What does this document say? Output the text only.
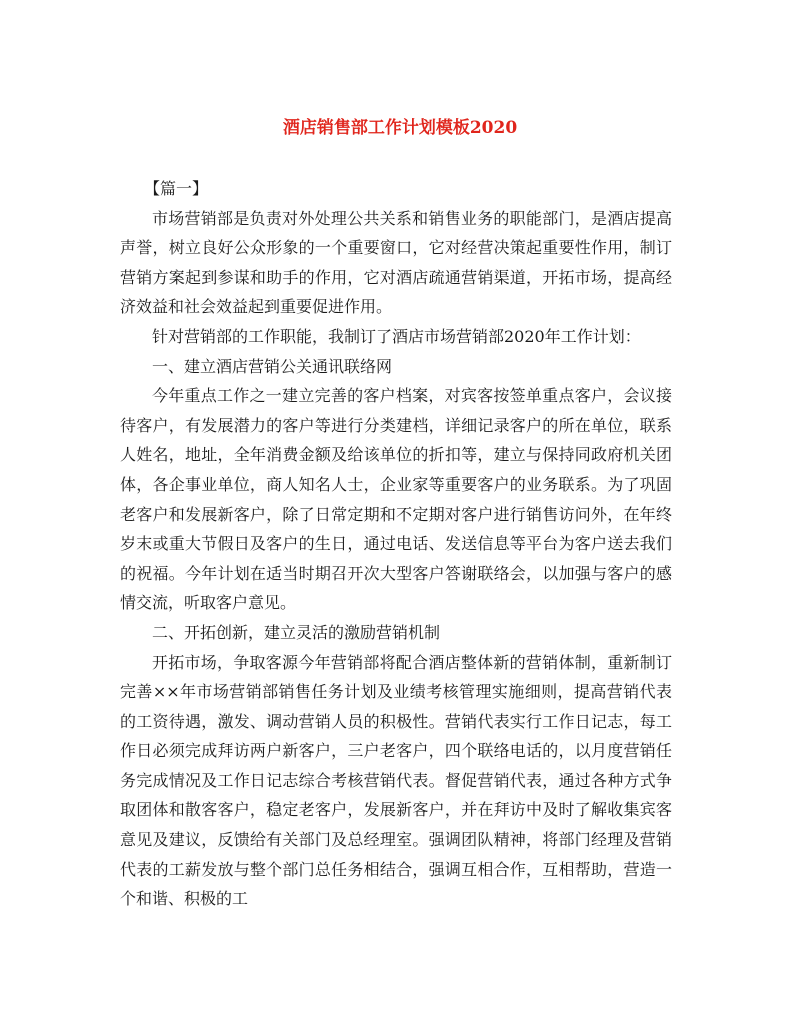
酒店销售部工作计划模板2020

【篇一】

市场营销部是负责对外处理公共关系和销售业务的职能部门，是酒店提高声誉，树立良好公众形象的一个重要窗口，它对经营决策起重要性作用，制订营销方案起到参谋和助手的作用，它对酒店疏通营销渠道，开拓市场，提高经济效益和社会效益起到重要促进作用。

针对营销部的工作职能，我制订了酒店市场营销部2020年工作计划：

一、建立酒店营销公关通讯联络网

今年重点工作之一建立完善的客户档案，对宾客按签单重点客户，会议接待客户，有发展潜力的客户等进行分类建档，详细记录客户的所在单位，联系人姓名，地址，全年消费金额及给该单位的折扣等，建立与保持同政府机关团体，各企事业单位，商人知名人士，企业家等重要客户的业务联系。为了巩固老客户和发展新客户，除了日常定期和不定期对客户进行销售访问外，在年终岁末或重大节假日及客户的生日，通过电话、发送信息等平台为客户送去我们的祝福。今年计划在适当时期召开次大型客户答谢联络会，以加强与客户的感情交流，听取客户意见。

二、开拓创新，建立灵活的激励营销机制

开拓市场，争取客源今年营销部将配合酒店整体新的营销体制，重新制订完善××年市场营销部销售任务计划及业绩考核管理实施细则，提高营销代表的工资待遇，激发、调动营销人员的积极性。营销代表实行工作日记志，每工作日必须完成拜访两户新客户，三户老客户，四个联络电话的，以月度营销任务完成情况及工作日记志综合考核营销代表。督促营销代表，通过各种方式争取团体和散客客户，稳定老客户，发展新客户，并在拜访中及时了解收集宾客意见及建议，反馈给有关部门及总经理室。强调团队精神，将部门经理及营销代表的工薪发放与整个部门总任务相结合，强调互相合作，互相帮助，营造一个和谐、积极的工
